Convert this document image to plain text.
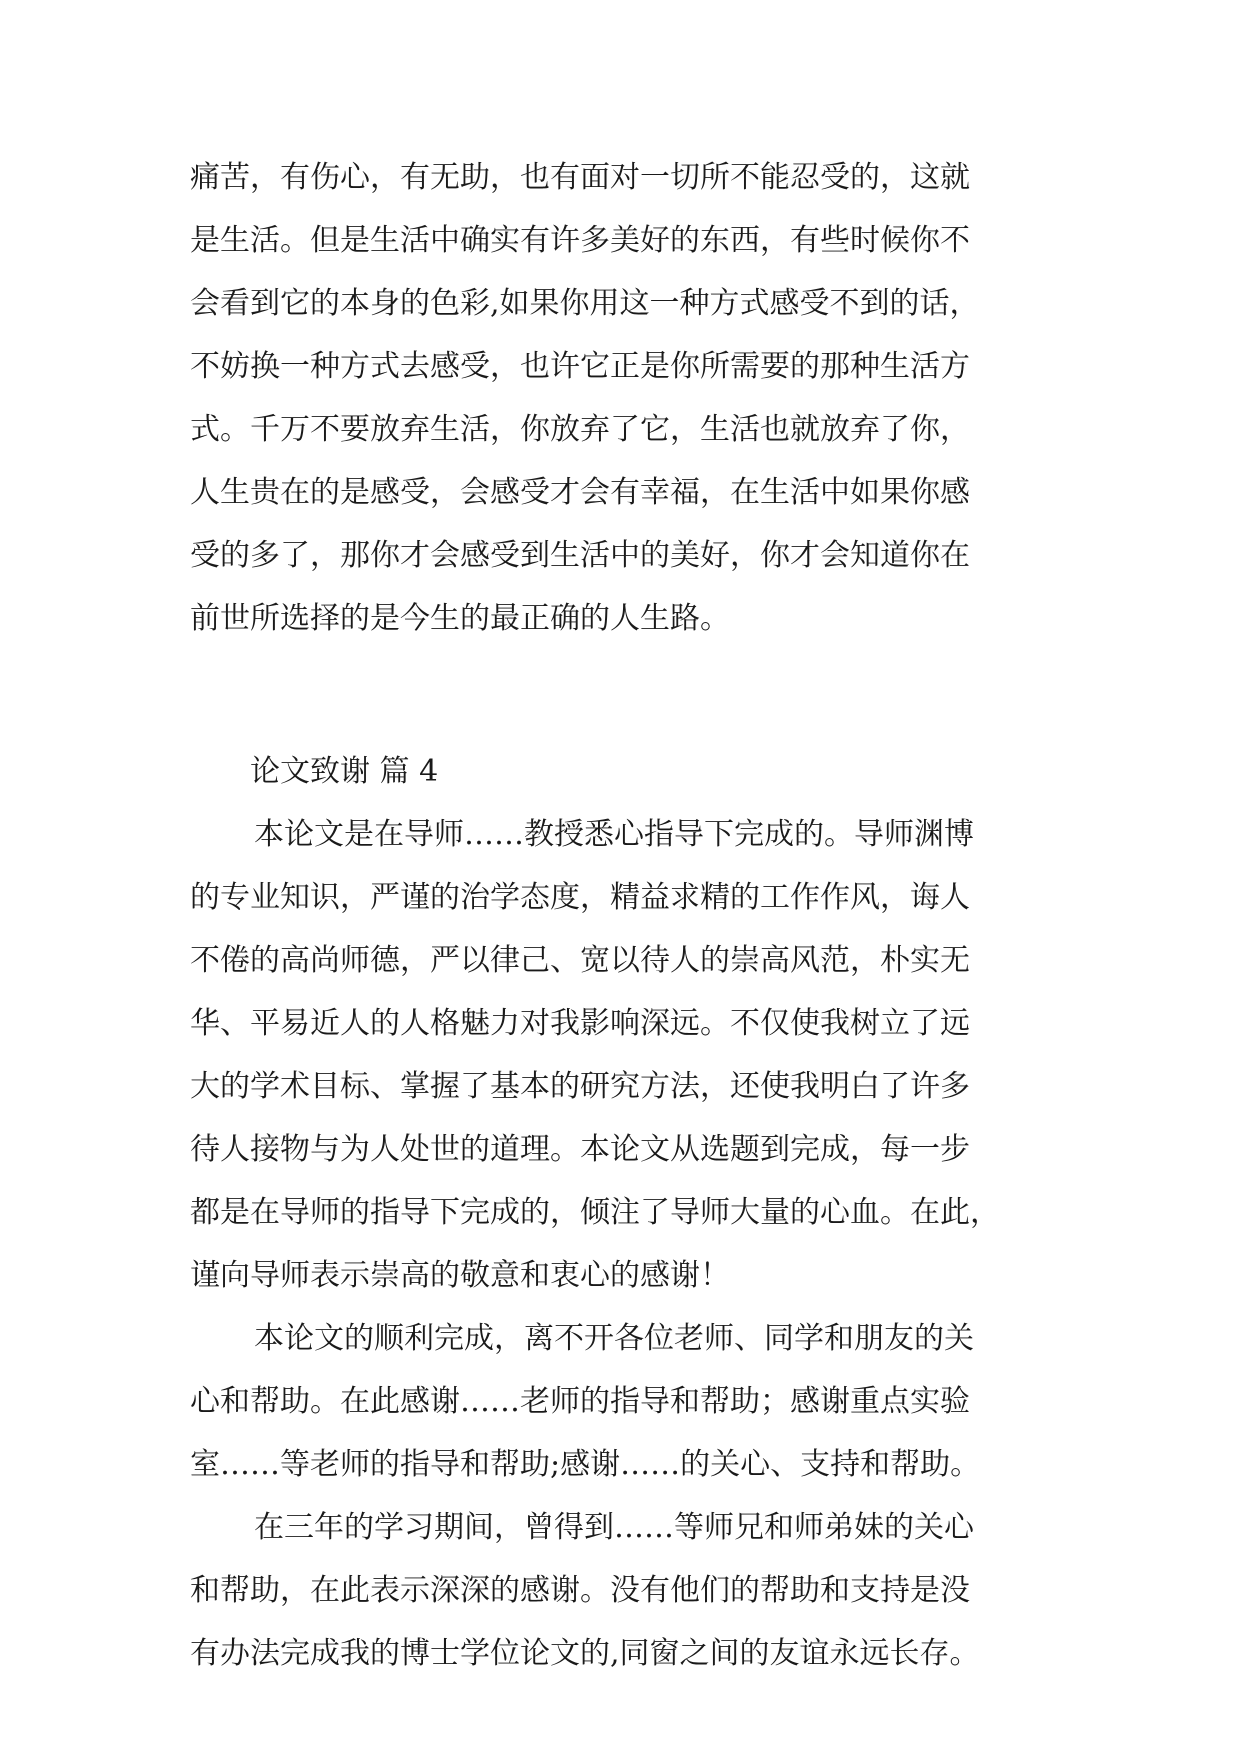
痛苦，有伤心，有无助，也有面对一切所不能忍受的，这就
是生活。但是生活中确实有许多美好的东西，有些时候你不
会看到它的本身的色彩,如果你用这一种方式感受不到的话，
不妨换一种方式去感受，也许它正是你所需要的那种生活方
式。千万不要放弃生活，你放弃了它，生活也就放弃了你，
人生贵在的是感受，会感受才会有幸福，在生活中如果你感
受的多了，那你才会感受到生活中的美好，你才会知道你在
前世所选择的是今生的最正确的人生路。
论文致谢 篇 4
本论文是在导师……教授悉心指导下完成的。导师渊博
的专业知识，严谨的治学态度，精益求精的工作作风，诲人
不倦的高尚师德，严以律己、宽以待人的崇高风范，朴实无
华、平易近人的人格魅力对我影响深远。不仅使我树立了远
大的学术目标、掌握了基本的研究方法，还使我明白了许多
待人接物与为人处世的道理。本论文从选题到完成，每一步
都是在导师的指导下完成的，倾注了导师大量的心血。在此，
谨向导师表示崇高的敬意和衷心的感谢！
本论文的顺利完成，离不开各位老师、同学和朋友的关
心和帮助。在此感谢……老师的指导和帮助；感谢重点实验
室……等老师的指导和帮助;感谢……的关心、支持和帮助。
在三年的学习期间，曾得到……等师兄和师弟妹的关心
和帮助，在此表示深深的感谢。没有他们的帮助和支持是没
有办法完成我的博士学位论文的,同窗之间的友谊永远长存。
